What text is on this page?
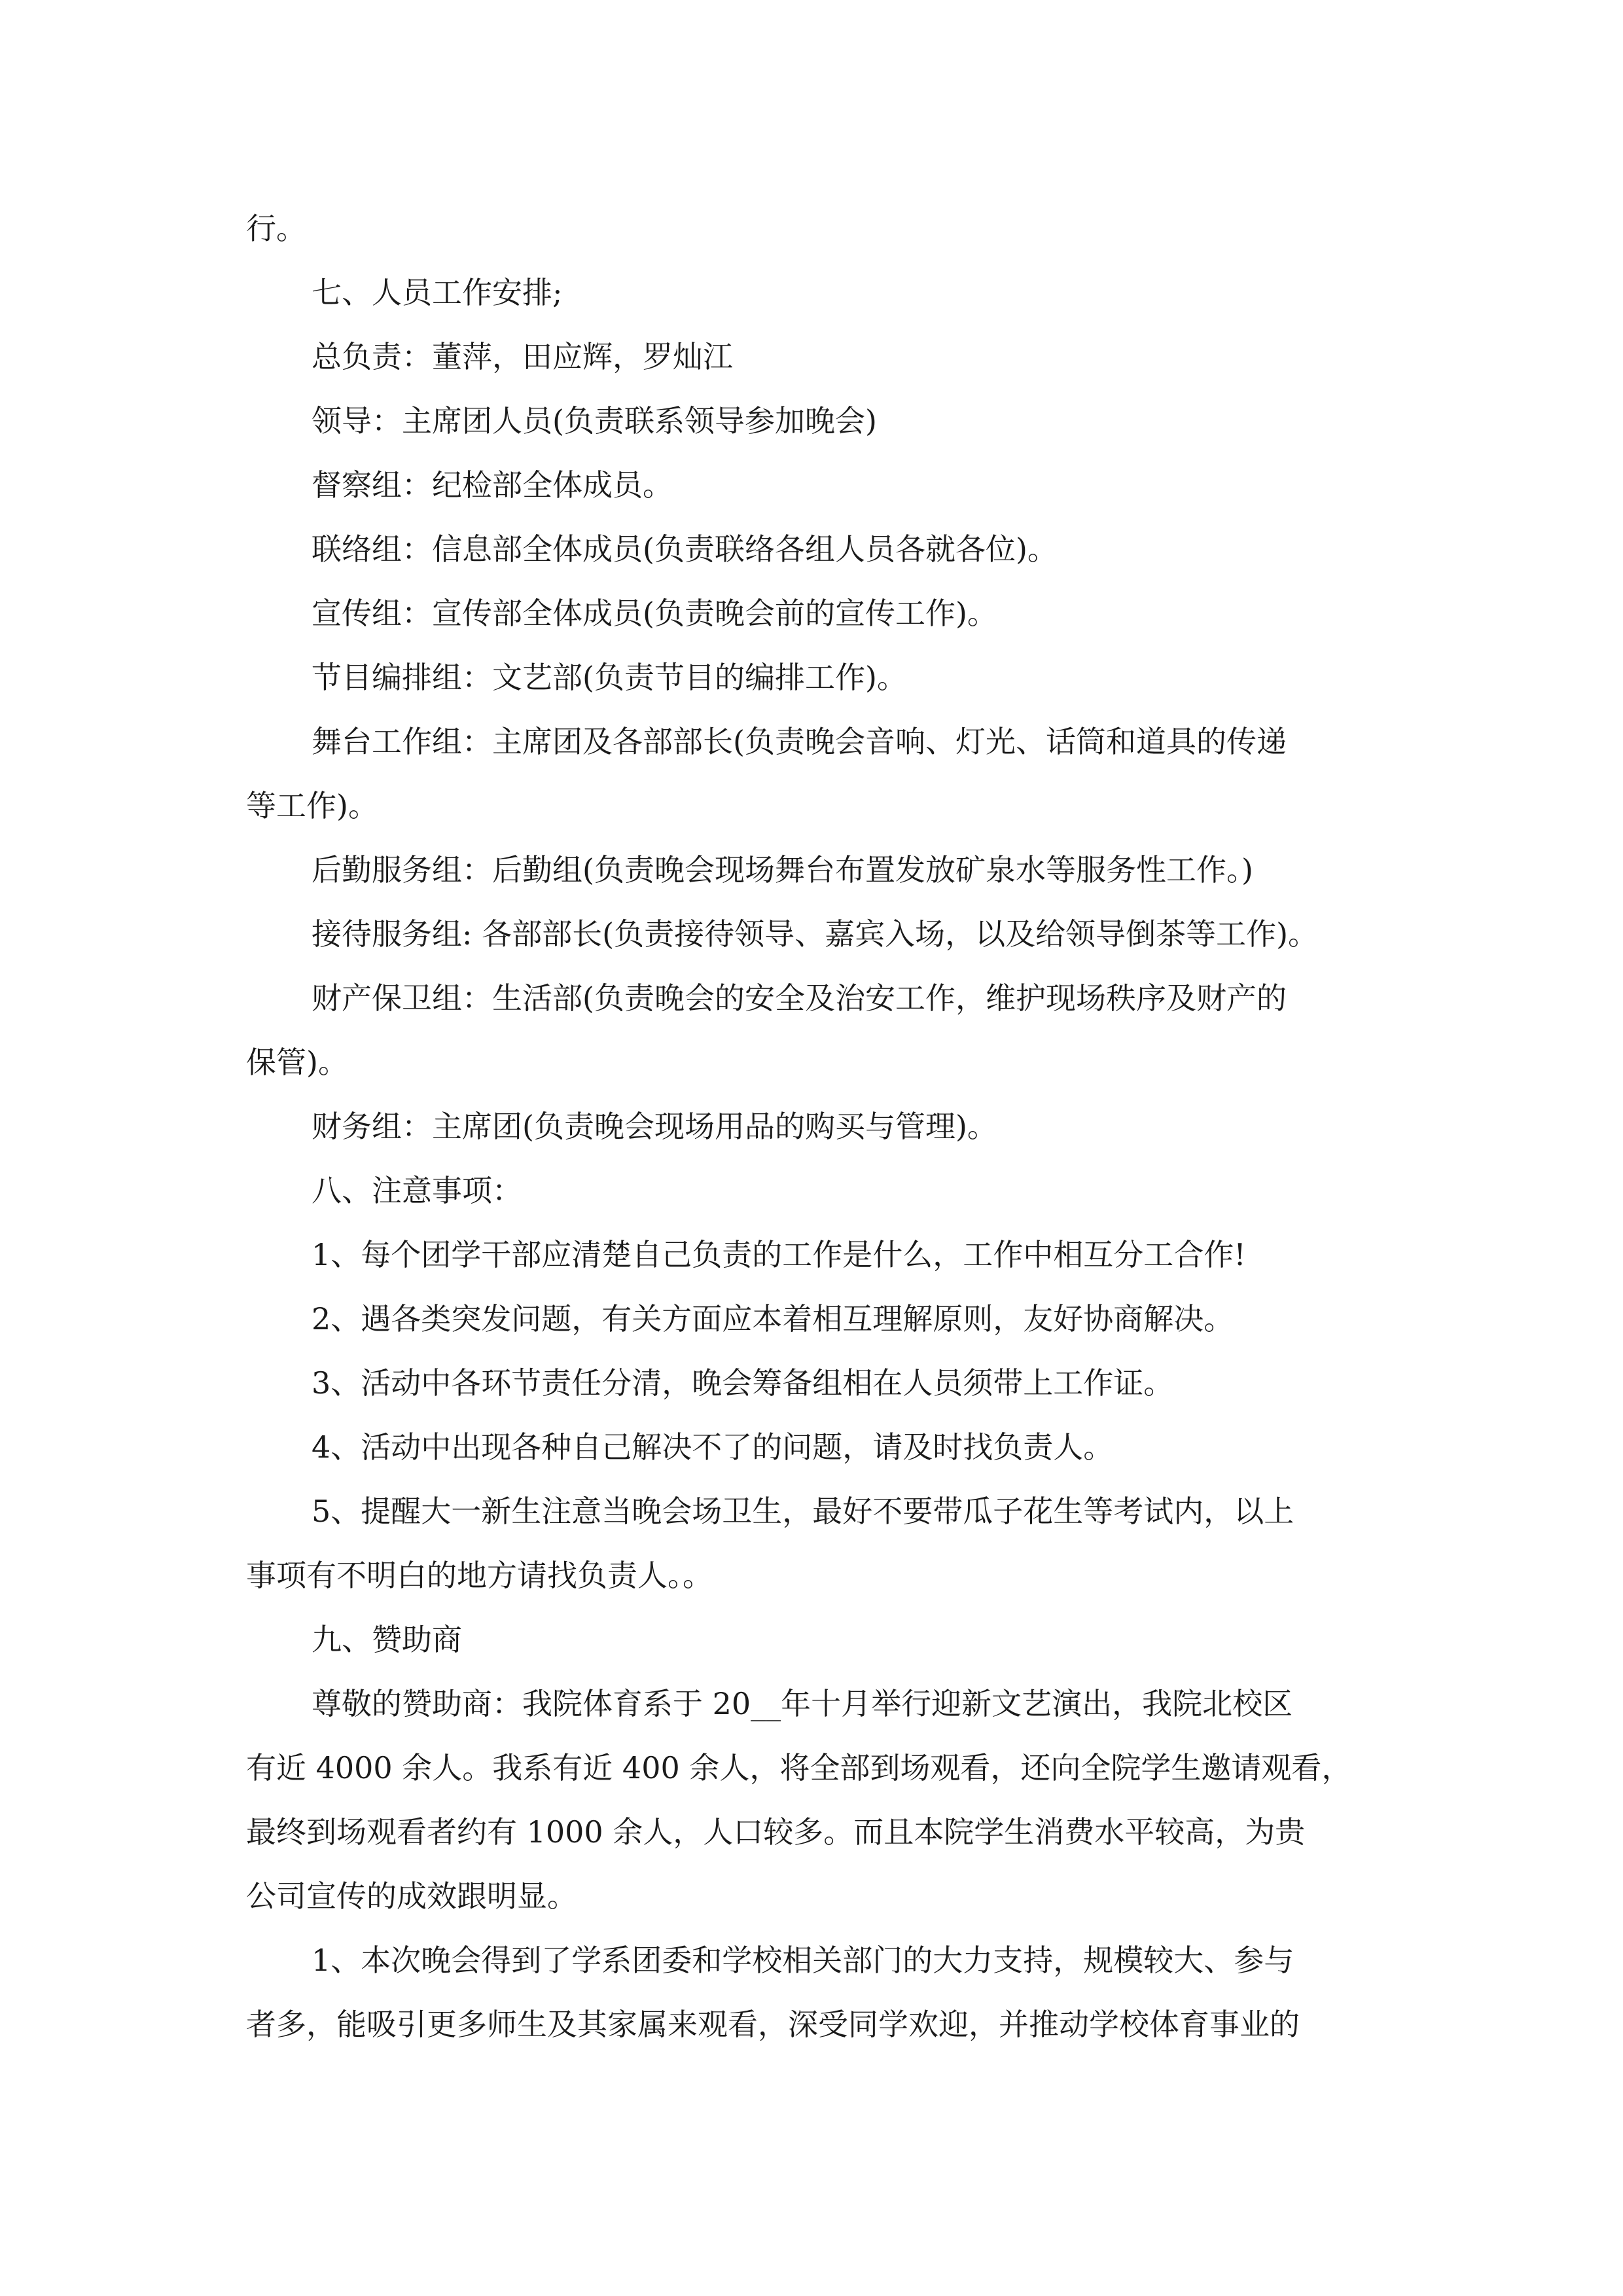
行。
七、人员工作安排;
总负责：董萍，田应辉，罗灿江
领导：主席团人员(负责联系领导参加晚会)
督察组：纪检部全体成员。
联络组：信息部全体成员(负责联络各组人员各就各位)。
宣传组：宣传部全体成员(负责晚会前的宣传工作)。
节目编排组：文艺部(负责节目的编排工作)。
舞台工作组：主席团及各部部长(负责晚会音响、灯光、话筒和道具的传递
等工作)。
后勤服务组：后勤组(负责晚会现场舞台布置发放矿泉水等服务性工作。)
接待服务组: 各部部长(负责接待领导、嘉宾入场，以及给领导倒茶等工作)。
财产保卫组：生活部(负责晚会的安全及治安工作，维护现场秩序及财产的
保管)。
财务组：主席团(负责晚会现场用品的购买与管理)。
八、注意事项：
1、每个团学干部应清楚自己负责的工作是什么，工作中相互分工合作!
2、遇各类突发问题，有关方面应本着相互理解原则，友好协商解决。
3、活动中各环节责任分清，晚会筹备组相在人员须带上工作证。
4、活动中出现各种自己解决不了的问题，请及时找负责人。
5、提醒大一新生注意当晚会场卫生，最好不要带瓜子花生等考试内，以上
事项有不明白的地方请找负责人。。
九、赞助商
尊敬的赞助商：我院体育系于 20__年十月举行迎新文艺演出，我院北校区
有近 4000 余人。我系有近 400 余人，将全部到场观看，还向全院学生邀请观看，
最终到场观看者约有 1000 余人，人口较多。而且本院学生消费水平较高，为贵
公司宣传的成效跟明显。
1、本次晚会得到了学系团委和学校相关部门的大力支持，规模较大、参与
者多，能吸引更多师生及其家属来观看，深受同学欢迎，并推动学校体育事业的
